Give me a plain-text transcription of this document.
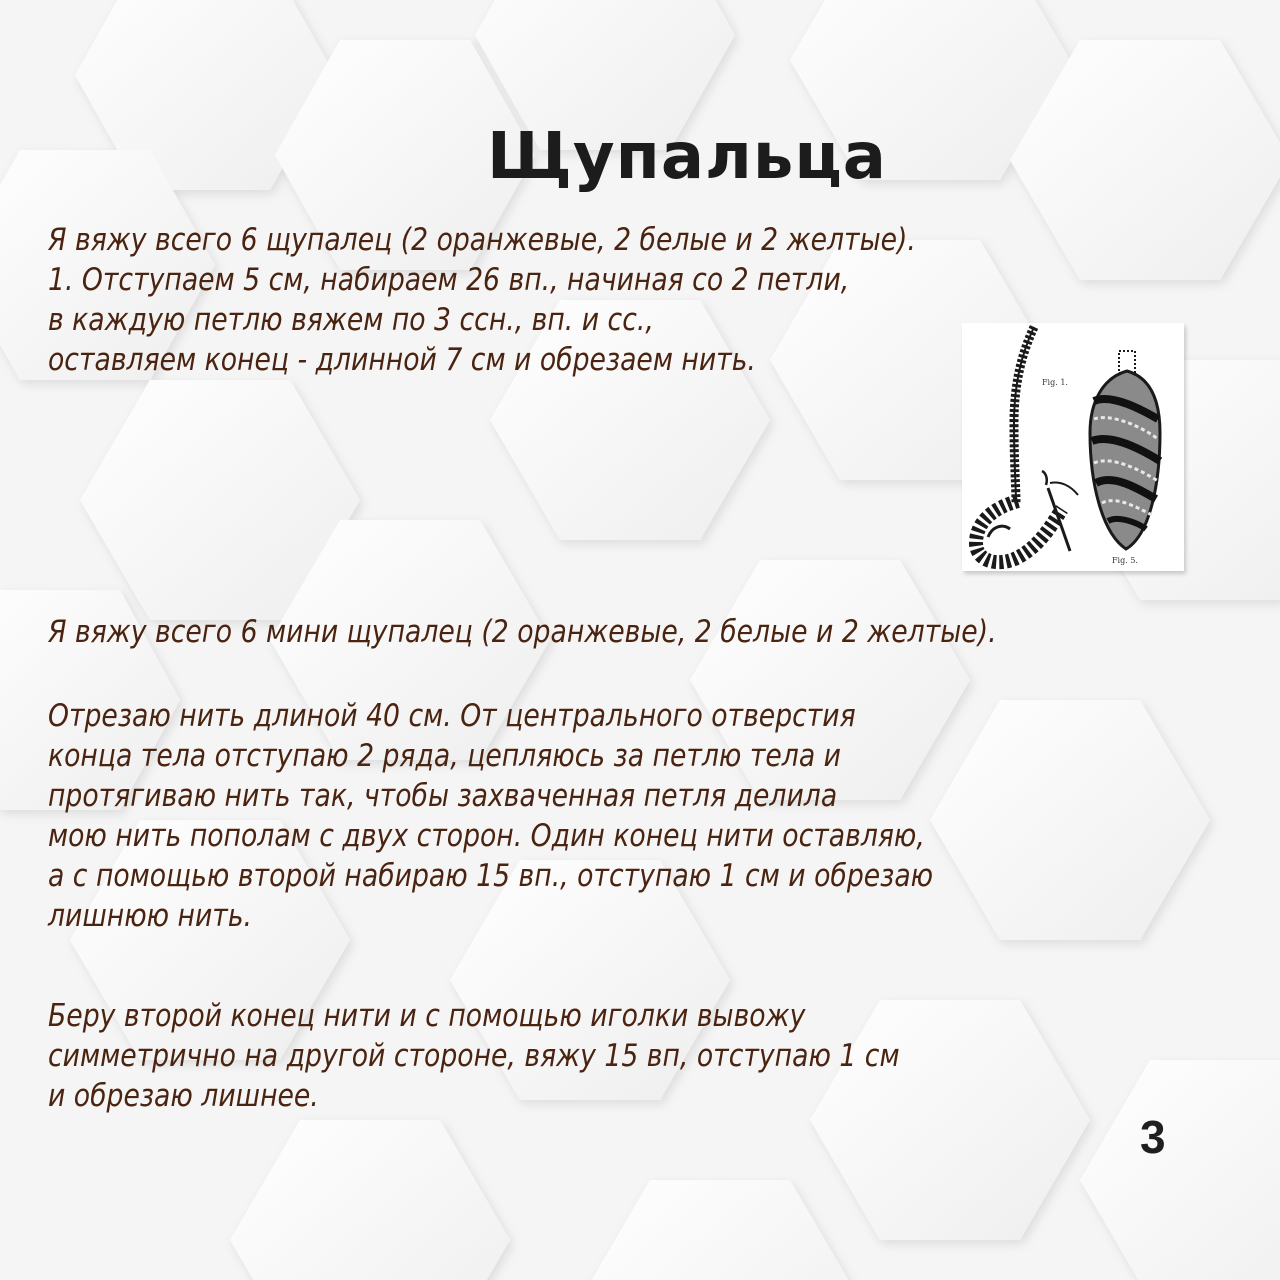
Щупальца
Я вяжу всего 6 щупалец (2 оранжевые, 2 белые и 2 желтые).
1. Отступаем 5 см, набираем 26 вп., начиная со 2 петли,
в каждую петлю вяжем по 3 ссн., вп. и сс.,
оставляем конец - длинной 7 см и обрезаем нить.
Fig. 1.
Fig. 5.
Я вяжу всего 6 мини щупалец (2 оранжевые, 2 белые и 2 желтые).
Отрезаю нить длиной 40 см. От центрального отверстия
конца тела отступаю 2 ряда, цепляюсь за петлю тела и
протягиваю нить так, чтобы захваченная петля делила
мою нить пополам с двух сторон. Один конец нити оставляю,
а с помощью второй набираю 15 вп., отступаю 1 см и обрезаю
лишнюю нить.
Беру второй конец нити и с помощью иголки вывожу
симметрично на другой стороне, вяжу 15 вп, отступаю 1 см
и обрезаю лишнее.
3
